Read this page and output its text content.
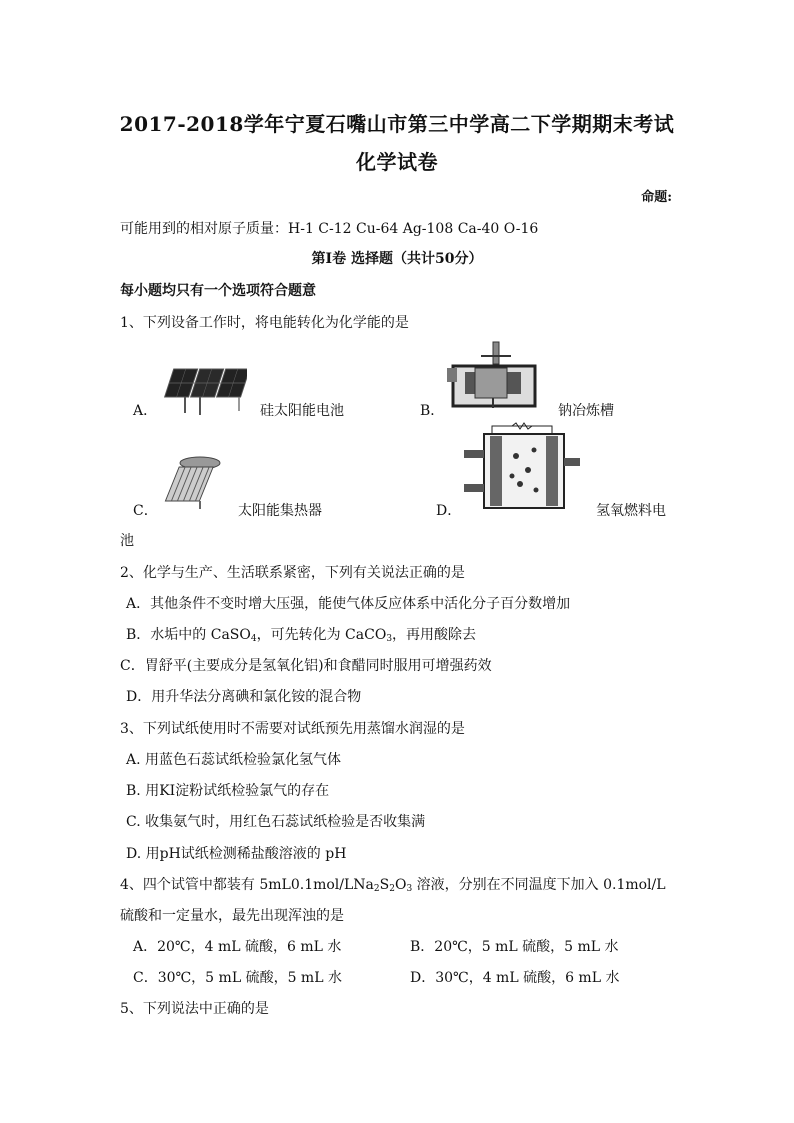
2017-2018学年宁夏石嘴山市第三中学高二下学期期末考试
化学试卷
命题:
可能用到的相对原子质量：H-1 C-12 Cu-64 Ag-108 Ca-40 O-16
第Ⅰ卷 选择题（共计50分）
每小题均只有一个选项符合题意
1、下列设备工作时，将电能转化为化学能的是
A．	硅太阳能电池	B．	钠冶炼槽
C．	太阳能集热器	D．	氢氧燃料电
池
2、化学与生产、生活联系紧密，下列有关说法正确的是
A．其他条件不变时增大压强，能使气体反应体系中活化分子百分数增加
B．水垢中的 CaSO$_4$，可先转化为 CaCO$_3$，再用酸除去
C．胃舒平(主要成分是氢氧化铝)和食醋同时服用可增强药效
D．用升华法分离碘和氯化铵的混合物
3、下列试纸使用时不需要对试纸预先用蒸馏水润湿的是
A. 用蓝色石蕊试纸检验氯化氢气体
B. 用KI淀粉试纸检验氯气的存在
C. 收集氨气时，用红色石蕊试纸检验是否收集满
D. 用pH试纸检测稀盐酸溶液的 pH
4、四个试管中都装有 $5mL0.1mol/LNa_2S_2O_3$ 溶液，分别在不同温度下加入 0.1mol/L
硫酸和一定量水，最先出现浑浊的是
A．20℃，4 mL 硫酸，6 mL 水	B．20℃，5 mL 硫酸，5 mL 水
C．30℃，5 mL 硫酸，5 mL 水	D．30℃，4 mL 硫酸，6 mL 水
5、下列说法中正确的是
